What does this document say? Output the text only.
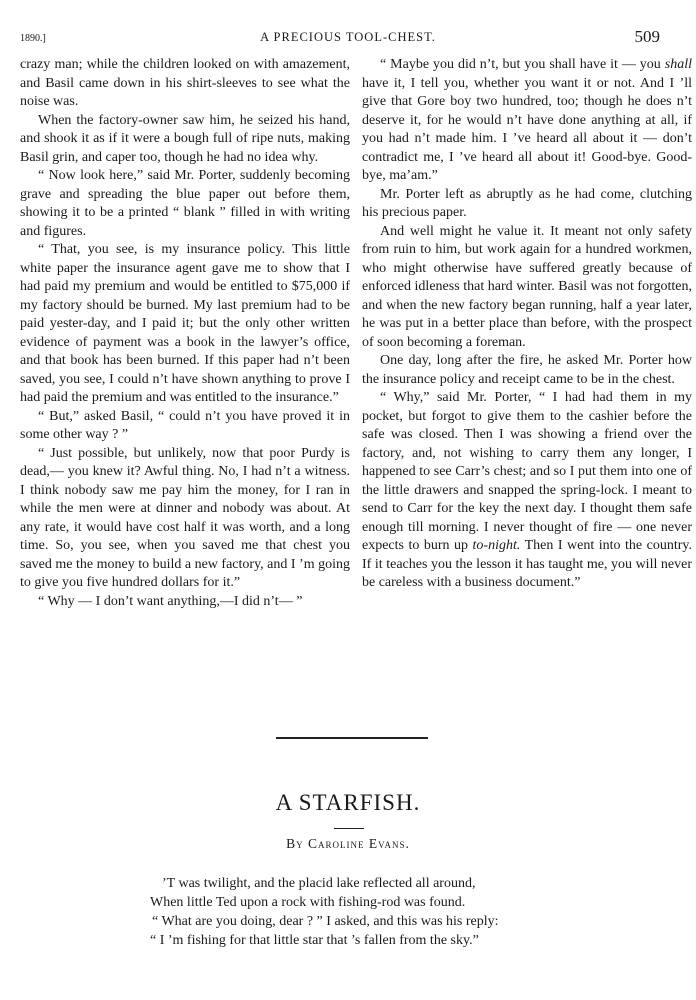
1890.]	A PRECIOUS TOOL-CHEST.	509

crazy man; while the children looked on with amazement, and Basil came down in his shirt-sleeves to see what the noise was.

When the factory-owner saw him, he seized his hand, and shook it as if it were a bough full of ripe nuts, making Basil grin, and caper too, though he had no idea why.

“ Now look here,” said Mr. Porter, suddenly becoming grave and spreading the blue paper out before them, showing it to be a printed “ blank ” filled in with writing and figures.

“ That, you see, is my insurance policy. This little white paper the insurance agent gave me to show that I had paid my premium and would be entitled to $75,000 if my factory should be burned. My last premium had to be paid yester-day, and I paid it; but the only other written evidence of payment was a book in the lawyer’s office, and that book has been burned. If this paper had n’t been saved, you see, I could n’t have shown anything to prove I had paid the premium and was entitled to the insurance.”

“ But,” asked Basil, “ could n’t you have proved it in some other way ? ”

“ Just possible, but unlikely, now that poor Purdy is dead,— you knew it? Awful thing. No, I had n’t a witness. I think nobody saw me pay him the money, for I ran in while the men were at dinner and nobody was about. At any rate, it would have cost half it was worth, and a long time. So, you see, when you saved me that chest you saved me the money to build a new factory, and I ’m going to give you five hundred dollars for it.”

“ Why — I don’t want anything,—I did n’t— ”

“ Maybe you did n’t, but you shall have it — you shall have it, I tell you, whether you want it or not. And I ’ll give that Gore boy two hundred, too; though he does n’t deserve it, for he would n’t have done anything at all, if you had n’t made him. I ’ve heard all about it — don’t contradict me, I ’ve heard all about it! Good-bye. Good-bye, ma’am.”

Mr. Porter left as abruptly as he had come, clutching his precious paper.

And well might he value it. It meant not only safety from ruin to him, but work again for a hundred workmen, who might otherwise have suffered greatly because of enforced idleness that hard winter. Basil was not forgotten, and when the new factory began running, half a year later, he was put in a better place than before, with the prospect of soon becoming a foreman.

One day, long after the fire, he asked Mr. Porter how the insurance policy and receipt came to be in the chest.

“ Why,” said Mr. Porter, “ I had had them in my pocket, but forgot to give them to the cashier before the safe was closed. Then I was showing a friend over the factory, and, not wishing to carry them any longer, I happened to see Carr’s chest; and so I put them into one of the little drawers and snapped the spring-lock. I meant to send to Carr for the key the next day. I thought them safe enough till morning. I never thought of fire — one never expects to burn up to-night. Then I went into the country. If it teaches you the lesson it has taught me, you will never be careless with a business document.”

A STARFISH.
By Caroline Evans.
’T was twilight, and the placid lake reflected all around,
When little Ted upon a rock with fishing-rod was found.
“ What are you doing, dear ? ” I asked, and this was his reply:
“ I ’m fishing for that little star that ’s fallen from the sky.”
